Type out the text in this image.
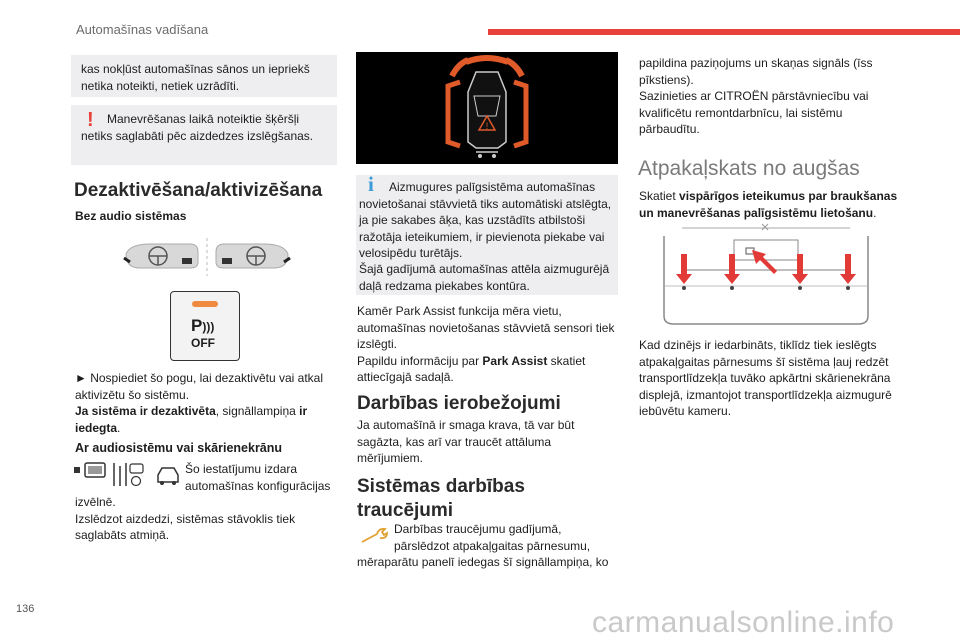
Automašīnas vadīšana

kas nokļūst automašīnas sānos un iepriekš netika noteikti, netiek uzrādīti.

!	Manevrēšanas laikā noteiktie šķēršļi netiks saglabāti pēc aizdedzes izslēgšanas.

Dezaktivēšana/aktivizēšana
Bez audio sistēmas
P)))
OFF

► Nospiediet šo pogu, lai dezaktivētu vai atkal aktivizētu šo sistēmu.

Ja sistēma ir dezaktivēta, signāllampiņa ir iedegta.

Ar audiosistēmu vai skārienekrānu

Šo iestatījumu izdara automašīnas konfigurācijas

izvēlnē.

Izslēdzot aizdedzi, sistēmas stāvoklis tiek saglabāts atmiņā.

!
i	Aizmugures palīgsistēma automašīnas novietošanai stāvvietā tiks automātiski atslēgta, ja pie sakabes āķa, kas uzstādīts atbilstoši ražotāja ieteikumiem, ir pievienota piekabe vai velosipēdu turētājs.

Šajā gadījumā automašīnas attēla aizmugurējā daļā redzama piekabes kontūra.

Kamēr Park Assist funkcija mēra vietu, automašīnas novietošanas stāvvietā sensori tiek izslēgti.

Papildu informāciju par Park Assist skatiet attiecīgajā sadaļā.

Darbības ierobežojumi
Ja automašīnā ir smaga krava, tā var būt sagāzta, kas arī var traucēt attāluma mērījumiem.
Sistēmas darbības
traucējumi

Darbības traucējumu gadījumā, pārslēdzot atpakaļgaitas pārnesumu,

mēraparātu panelī iedegas šī signāllampiņa, ko

papildina paziņojums un skaņas signāls (īss pīkstiens).

Sazinieties ar CITROËN pārstāvniecību vai kvalificētu remontdarbnīcu, lai sistēmu pārbaudītu.

Atpakaļskats no augšas

Skatiet vispārīgos ieteikumus par braukšanas un manevrēšanas palīgsistēmu lietošanu.

Kad dzinējs ir iedarbināts, tiklīdz tiek ieslēgts atpakaļgaitas pārnesums šī sistēma ļauj redzēt transportlīdzekļa tuvāko apkārtni skārienekrāna displejā, izmantojot transportlīdzekļa aizmugurē iebūvētu kameru.
136	carmanualsonline.info
